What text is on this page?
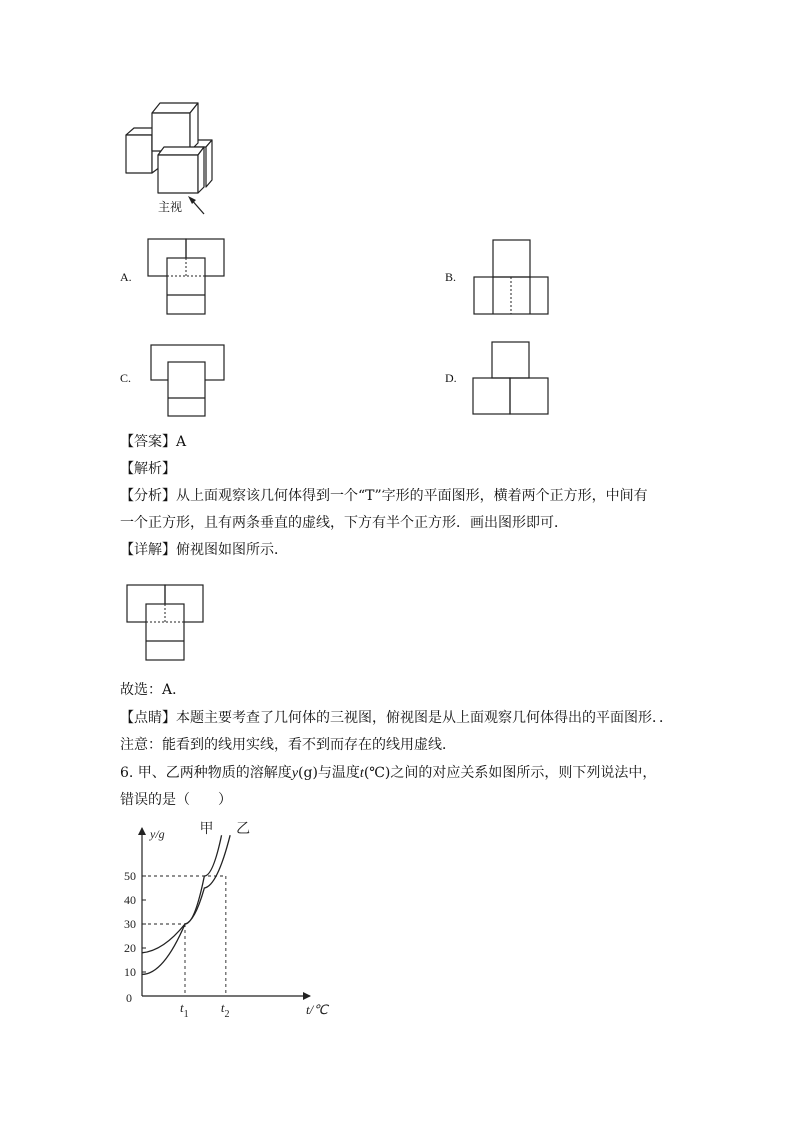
主视
A.	B.
C.	D.
【答案】A
【解析】
【分析】从上面观察该几何体得到一个“T”字形的平面图形，横着两个正方形，中间有
一个正方形，且有两条垂直的虚线，下方有半个正方形．画出图形即可．
【详解】俯视图如图所示．
故选：A．
【点睛】本题主要考查了几何体的三视图，俯视图是从上面观察几何体得出的平面图形．．
注意：能看到的线用实线，看不到而存在的线用虚线．
6. 甲、乙两种物质的溶解度y(g)与温度t(℃)之间的对应关系如图所示，则下列说法中，
错误的是（　　）
10
20
30
40
50
0
y/g
t/℃
$t_1$ $t_2$
甲 乙
